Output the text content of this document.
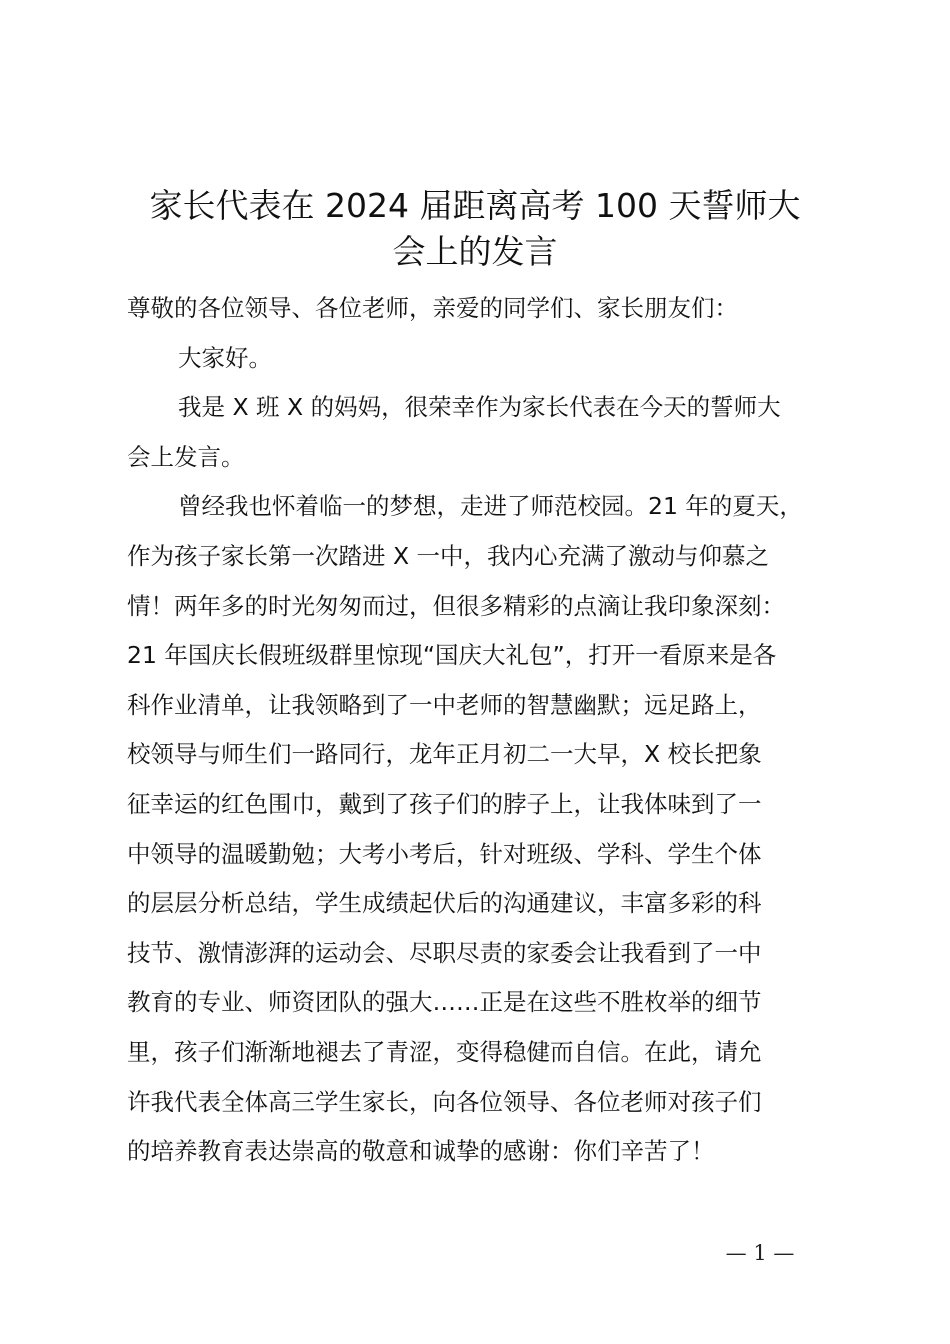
家长代表在 2024 届距离高考 100 天誓师大
会上的发言
尊敬的各位领导、各位老师，亲爱的同学们、家长朋友们：
大家好。
我是 X 班 X 的妈妈，很荣幸作为家长代表在今天的誓师大
会上发言。
曾经我也怀着临一的梦想，走进了师范校园。21 年的夏天，
作为孩子家长第一次踏进 X 一中，我内心充满了激动与仰慕之
情！两年多的时光匆匆而过，但很多精彩的点滴让我印象深刻：
21 年国庆长假班级群里惊现“国庆大礼包”，打开一看原来是各
科作业清单，让我领略到了一中老师的智慧幽默；远足路上，
校领导与师生们一路同行，龙年正月初二一大早，X 校长把象
征幸运的红色围巾，戴到了孩子们的脖子上，让我体味到了一
中领导的温暖勤勉；大考小考后，针对班级、学科、学生个体
的层层分析总结，学生成绩起伏后的沟通建议，丰富多彩的科
技节、激情澎湃的运动会、尽职尽责的家委会让我看到了一中
教育的专业、师资团队的强大……正是在这些不胜枚举的细节
里，孩子们渐渐地褪去了青涩，变得稳健而自信。在此，请允
许我代表全体高三学生家长，向各位领导、各位老师对孩子们
的培养教育表达崇高的敬意和诚挚的感谢：你们辛苦了！
— 1 —
